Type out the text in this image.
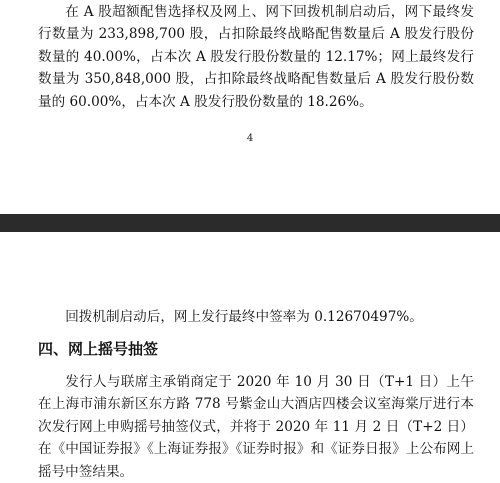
在 A 股超额配售选择权及网上、网下回拨机制启动后，网下最终发行数量为 233,898,700 股，占扣除最终战略配售数量后 A 股发行股份数量的 40.00%，占本次 A 股发行股份数量的 12.17%；网上最终发行数量为 350,848,000 股，占扣除最终战略配售数量后 A 股发行股份数量的 60.00%，占本次 A 股发行股份数量的 18.26%。

4

回拨机制启动后，网上发行最终中签率为 0.12670497%。

四、网上摇号抽签

发行人与联席主承销商定于 2020 年 10 月 30 日（T+1 日）上午在上海市浦东新区东方路 778 号紫金山大酒店四楼会议室海棠厅进行本次发行网上申购摇号抽签仪式，并将于 2020 年 11 月 2 日（T+2 日）在《中国证券报》《上海证券报》《证券时报》和《证券日报》上公布网上摇号中签结果。
